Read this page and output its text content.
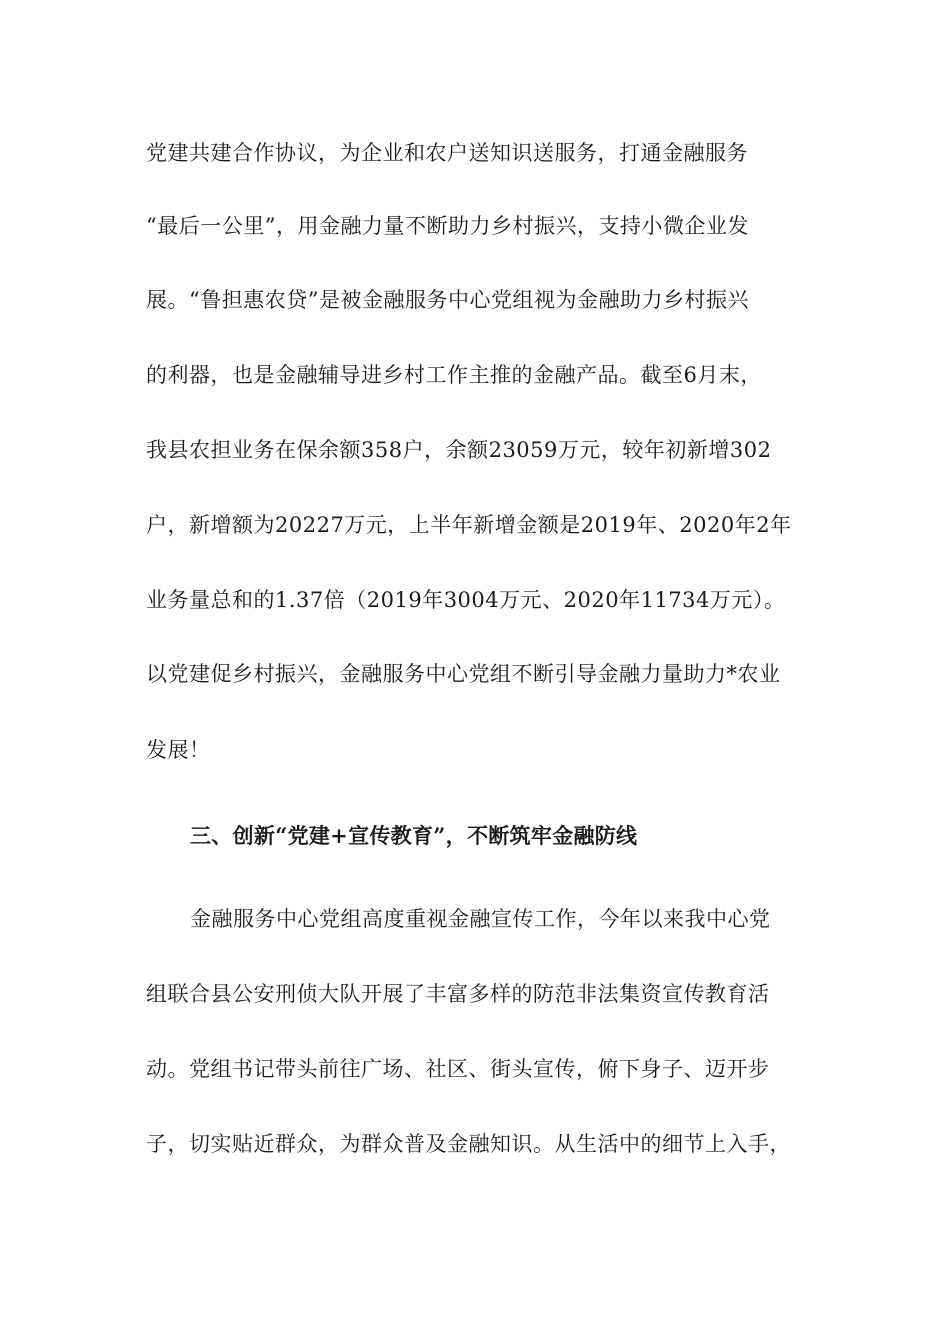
党建共建合作协议，为企业和农户送知识送服务，打通金融服务
“最后一公里”，用金融力量不断助力乡村振兴，支持小微企业发
展。“鲁担惠农贷”是被金融服务中心党组视为金融助力乡村振兴
的利器，也是金融辅导进乡村工作主推的金融产品。截至6月末，
我县农担业务在保余额358户，余额23059万元，较年初新增302
户，新增额为20227万元，上半年新增金额是2019年、2020年2年
业务量总和的1.37倍（2019年3004万元、2020年11734万元）。
以党建促乡村振兴，金融服务中心党组不断引导金融力量助力*农业
发展！
三、创新“党建+宣传教育”，不断筑牢金融防线
金融服务中心党组高度重视金融宣传工作，今年以来我中心党
组联合县公安刑侦大队开展了丰富多样的防范非法集资宣传教育活
动。党组书记带头前往广场、社区、街头宣传，俯下身子、迈开步
子，切实贴近群众，为群众普及金融知识。从生活中的细节上入手，
